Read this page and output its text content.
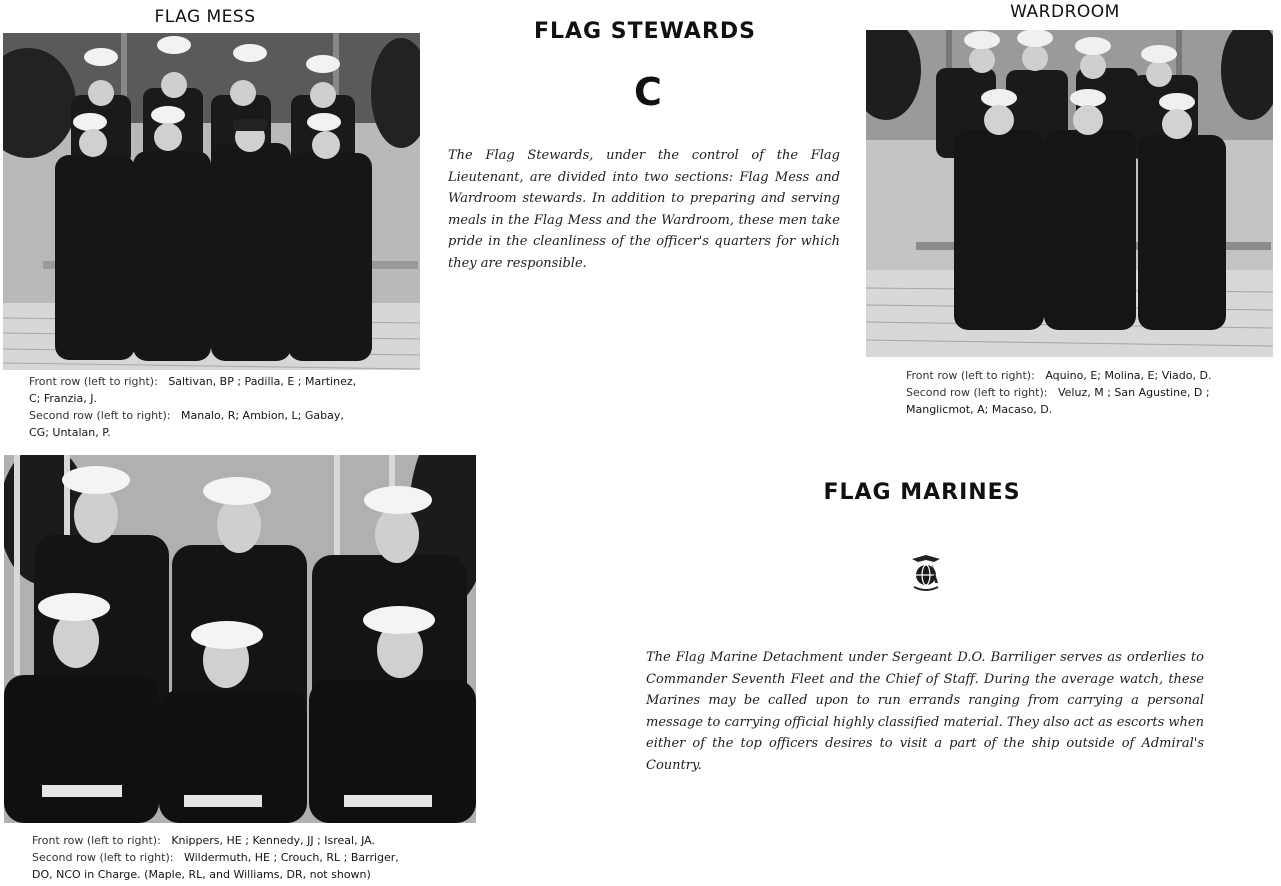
FLAG MESS
Front row (left to right): Saltivan, BP ; Padilla, E ; Martinez,
C; Franzia, J.
Second row (left to right): Manalo, R; Ambion, L; Gabay,
CG; Untalan, P.
FLAG STEWARDS
C
The Flag Stewards, under the control of the Flag Lieutenant, are divided into two sections: Flag Mess and Wardroom stewards. In addition to preparing and serving meals in the Flag Mess and the Wardroom, these men take pride in the cleanliness of the officer's quarters for which they are responsible.
WARDROOM
Front row (left to right): Aquino, E; Molina, E; Viado, D.
Second row (left to right): Veluz, M ; San Agustine, D ;
Manglicmot, A; Macaso, D.
Front row (left to right): Knippers, HE ; Kennedy, JJ ; Isreal, JA.
Second row (left to right): Wildermuth, HE ; Crouch, RL ; Barriger,
DO, NCO in Charge. (Maple, RL, and Williams, DR, not shown)
FLAG MARINES
The Flag Marine Detachment under Sergeant D.O. Barriliger serves as orderlies to Commander Seventh Fleet and the Chief of Staff. During the average watch, these Marines may be called upon to run errands ranging from carrying a personal message to carrying official highly classified material. They also act as escorts when either of the top officers desires to visit a part of the ship outside of Admiral's Country.
